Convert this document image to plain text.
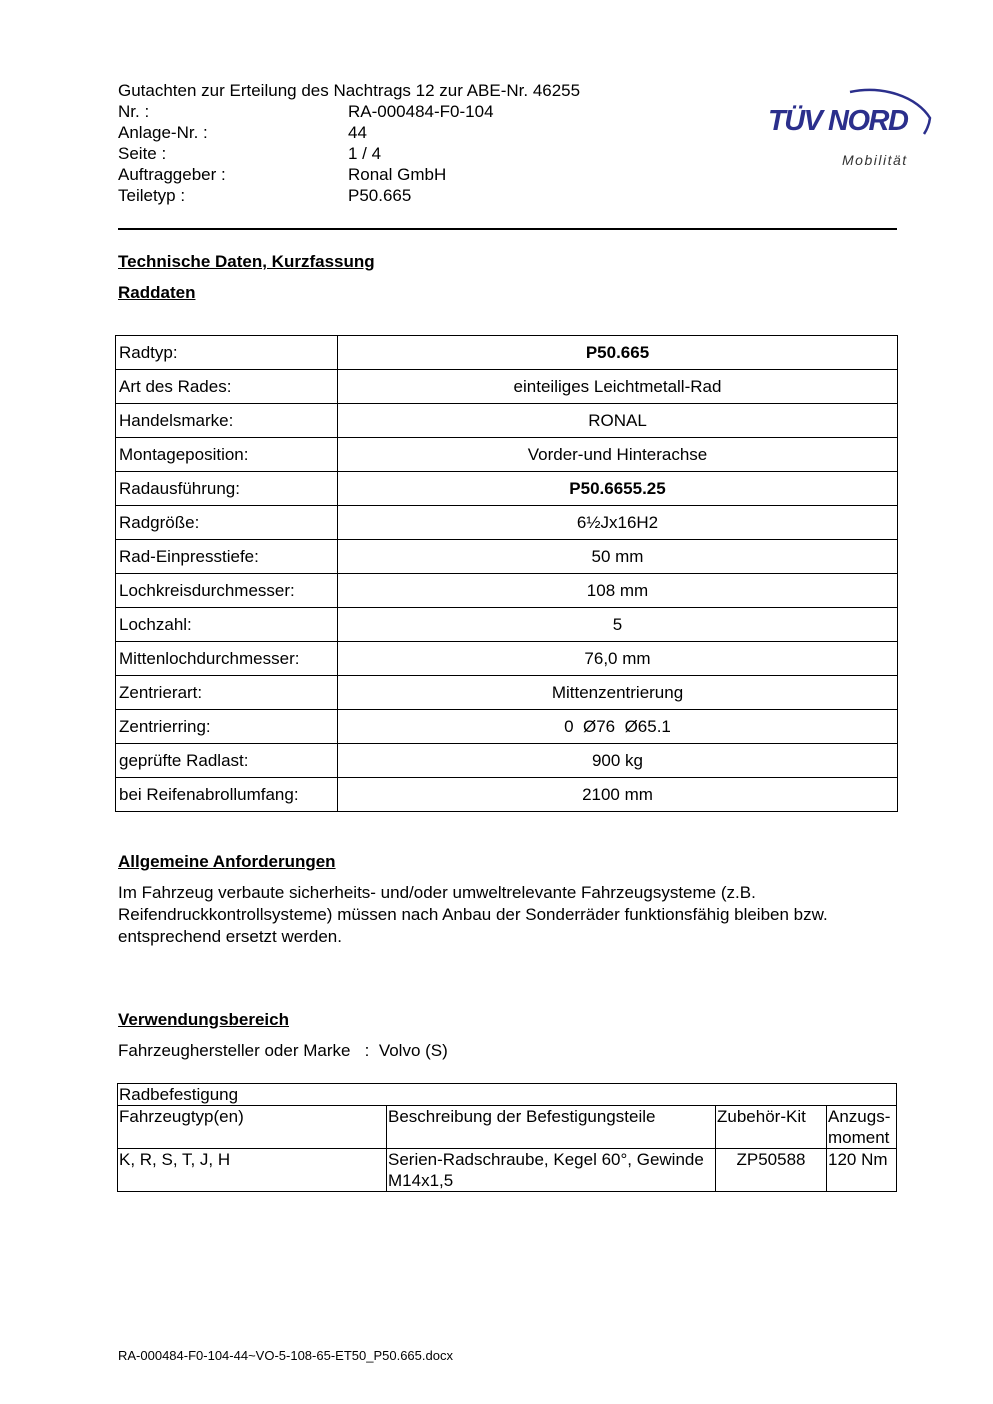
Gutachten zur Erteilung des Nachtrags 12 zur ABE-Nr. 46255
Nr. :	RA-000484-F0-104
Anlage-Nr. :	44
Seite :	1 / 4
Auftraggeber :	Ronal GmbH
Teiletyp :	P50.665
TÜV NORD
Mobilität
Technische Daten, Kurzfassung
Raddaten
Radtyp:	P50.665
Art des Rades:	einteiliges Leichtmetall-Rad
Handelsmarke:	RONAL
Montageposition:	Vorder-und Hinterachse
Radausführung:	P50.6655.25
Radgröße:	6½Jx16H2
Rad-Einpresstiefe:	50 mm
Lochkreisdurchmesser:	108 mm
Lochzahl:	5
Mittenlochdurchmesser:	76,0 mm
Zentrierart:	Mittenzentrierung
Zentrierring:	0  Ø76  Ø65.1
geprüfte Radlast:	900 kg
bei Reifenabrollumfang:	2100 mm
Allgemeine Anforderungen
Im Fahrzeug verbaute sicherheits- und/oder umweltrelevante Fahrzeugsysteme (z.B. Reifendruckkontrollsysteme) müssen nach Anbau der Sonderräder funktionsfähig bleiben bzw. entsprechend ersetzt werden.
Verwendungsbereich
Fahrzeughersteller oder Marke : Volvo (S)
Radbefestigung			
Fahrzeugtyp(en)	Beschreibung der Befestigungsteile	Zubehör-Kit	Anzugs-moment
K, R, S, T, J, H	Serien-Radschraube, Kegel 60°, Gewinde M14x1,5	ZP50588	120 Nm
RA-000484-F0-104-44~VO-5-108-65-ET50_P50.665.docx
